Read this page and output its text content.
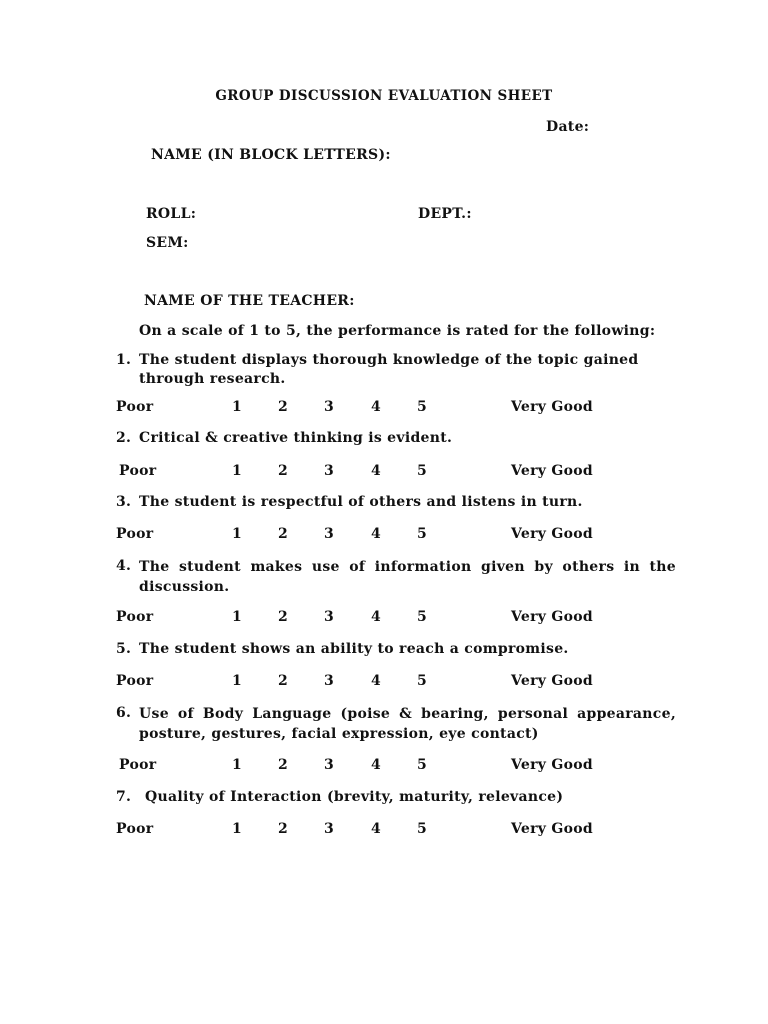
GROUP DISCUSSION EVALUATION SHEET
Date:
NAME (IN BLOCK LETTERS):
ROLL:	DEPT.:
SEM:
NAME OF THE TEACHER:
On a scale of 1 to 5, the performance is rated for the following:
1. The student displays thorough knowledge of the topic gained through research.
Poor	1	2	3	4	5	Very Good
2. Critical & creative thinking is evident.
Poor	1	2	3	4	5	Very Good
3. The student is respectful of others and listens in turn.
Poor	1	2	3	4	5	Very Good
4. The student makes use of information given by others in the discussion.
Poor	1	2	3	4	5	Very Good
5. The student shows an ability to reach a compromise.
Poor	1	2	3	4	5	Very Good
6. Use of Body Language (poise & bearing, personal appearance, posture, gestures, facial expression, eye contact)
Poor	1	2	3	4	5	Very Good
7. Quality of Interaction (brevity, maturity, relevance)
Poor	1	2	3	4	5	Very Good
